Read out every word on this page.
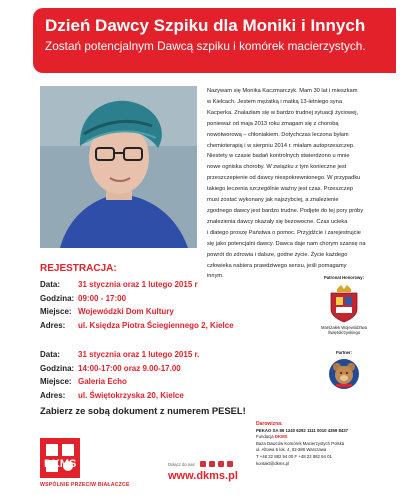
Dzień Dawcy Szpiku dla Moniki i Innych
Zostań potencjalnym Dawcą szpiku i komórek macierzystych.
Nazywam się Monika Kaczmarczyk. Mam 30 lat i mieszkam
w Kielcach. Jestem mężatką i matką 13-letniego syna
Kacperka. Znalazłam się w bardzo trudnej sytuacji życiowej,
ponieważ od maja 2013 roku zmagam się z chorobą
nowotworową – chłoniakiem. Dotychczas leczona byłam
chemioterapią i w sierpniu 2014 r. miałam autoprzeszczep.
Niestety w czasie badań kontrolnych stwierdzono u mnie
nowe ogniska choroby. W związku z tym konieczne jest
przeszczepienie od dawcy niespokrewnionego. W przypadku
takiego leczenia szczególnie ważny jest czas. Przeszczep
musi zostać wykonany jak najszybciej, a znalezienie
zgodnego dawcy jest bardzo trudne. Podjęte do tej pory próby
znalezienia dawcy okazały się bezowocne. Czas ucieka
i dlatego proszę Państwa o pomoc. Przyjdźcie i zarejestrujcie
się jako potencjalni dawcy. Dawca daje nam chorym szansę na
powrót do zdrowia i dalsze, godne życie. Życie każdego
człowieka nabiera prawdziwego sensu, jeśli pomagamy
innym.
REJESTRACJA:
Data:	31 stycznia oraz 1 lutego 2015 r
Godzina: 09:00 - 17:00
Miejsce: Wojewódzki Dom Kultury
Adres:	ul. Księdza Piotra Ściegiennego 2, Kielce
Data:	31 stycznia oraz 1 lutego 2015 r.
Godzina: 14:00-17:00 oraz 9.00-17.00
Miejsce: Galeria Echo
Adres:	ul. Świętokrzyska 20, Kielce
Zabierz ze sobą dokument z numerem PESEL!
Patronat Honorowy:
Marszałek Województwa
Świętokrzyskiego
Partner:
DKMS
WSPÓLNIE PRZECIW BIAŁACZCE
Dołącz do nas
www.dkms.pl
Darowizna:
PEKAO SA 86 1240 6292 1111 0010 4359 8437
Fundacja DKMS
Baza Dawców Komórek Macierzystych Polska
ul. Altowa 6 lok. 4, 02-386 Warszawa
T +48 22 882 94 00 F +48 22 882 94 01
kontakt@dkms.pl
